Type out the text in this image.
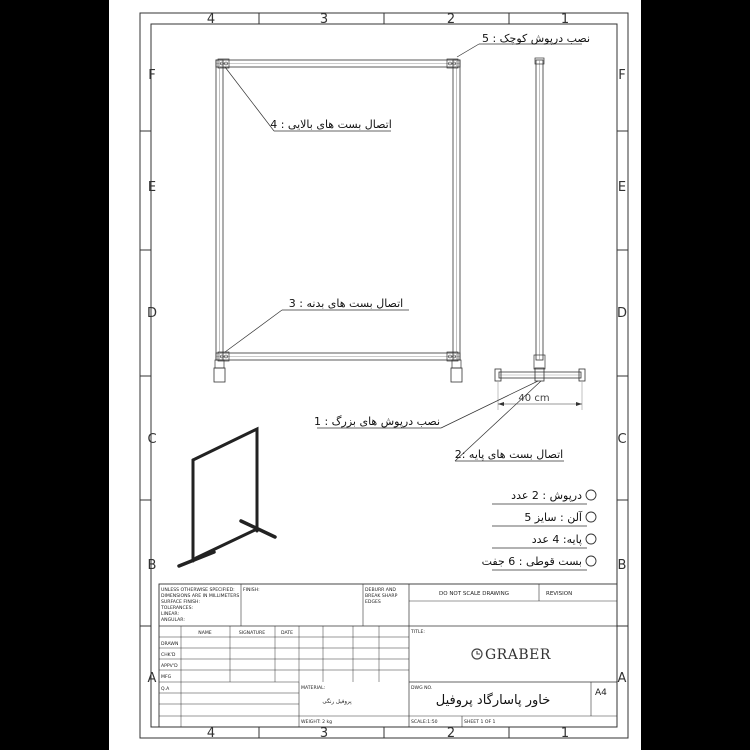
4	3	2	1
4	3	2	1
F
E
D
C
B
A
F
E
D
C
B
A
40 cm
نصب درپوش کوچک : 5
اتصال بست های بالایی : 4
اتصال بست های بدنه : 3
نصب درپوش های بزرگ : 1
اتصال بست های پایه :2
درپوش : 2 عدد
آلن : سایز 5
پایه: 4 عدد
بست قوطی : 6 جفت
UNLESS OTHERWISE SPECIFIED:
DIMENSIONS ARE IN MILLIMETERS
SURFACE FINISH:
TOLERANCES:
LINEAR:
ANGULAR:
FINISH:	DEBURR AND
BREAK SHARP
EDGES
DO NOT SCALE DRAWING	REVISION
NAME	SIGNATURE	DATE
DRAWN
CHK'D
APPV'D
MFG
Q.A
TITLE:
GRABER
MATERIAL:
پروفیل رنگی
DWG NO.
خاور پاسارگاد پروفیل	A4
WEIGHT: 2 kg	SCALE:1:50	SHEET 1 OF 1
